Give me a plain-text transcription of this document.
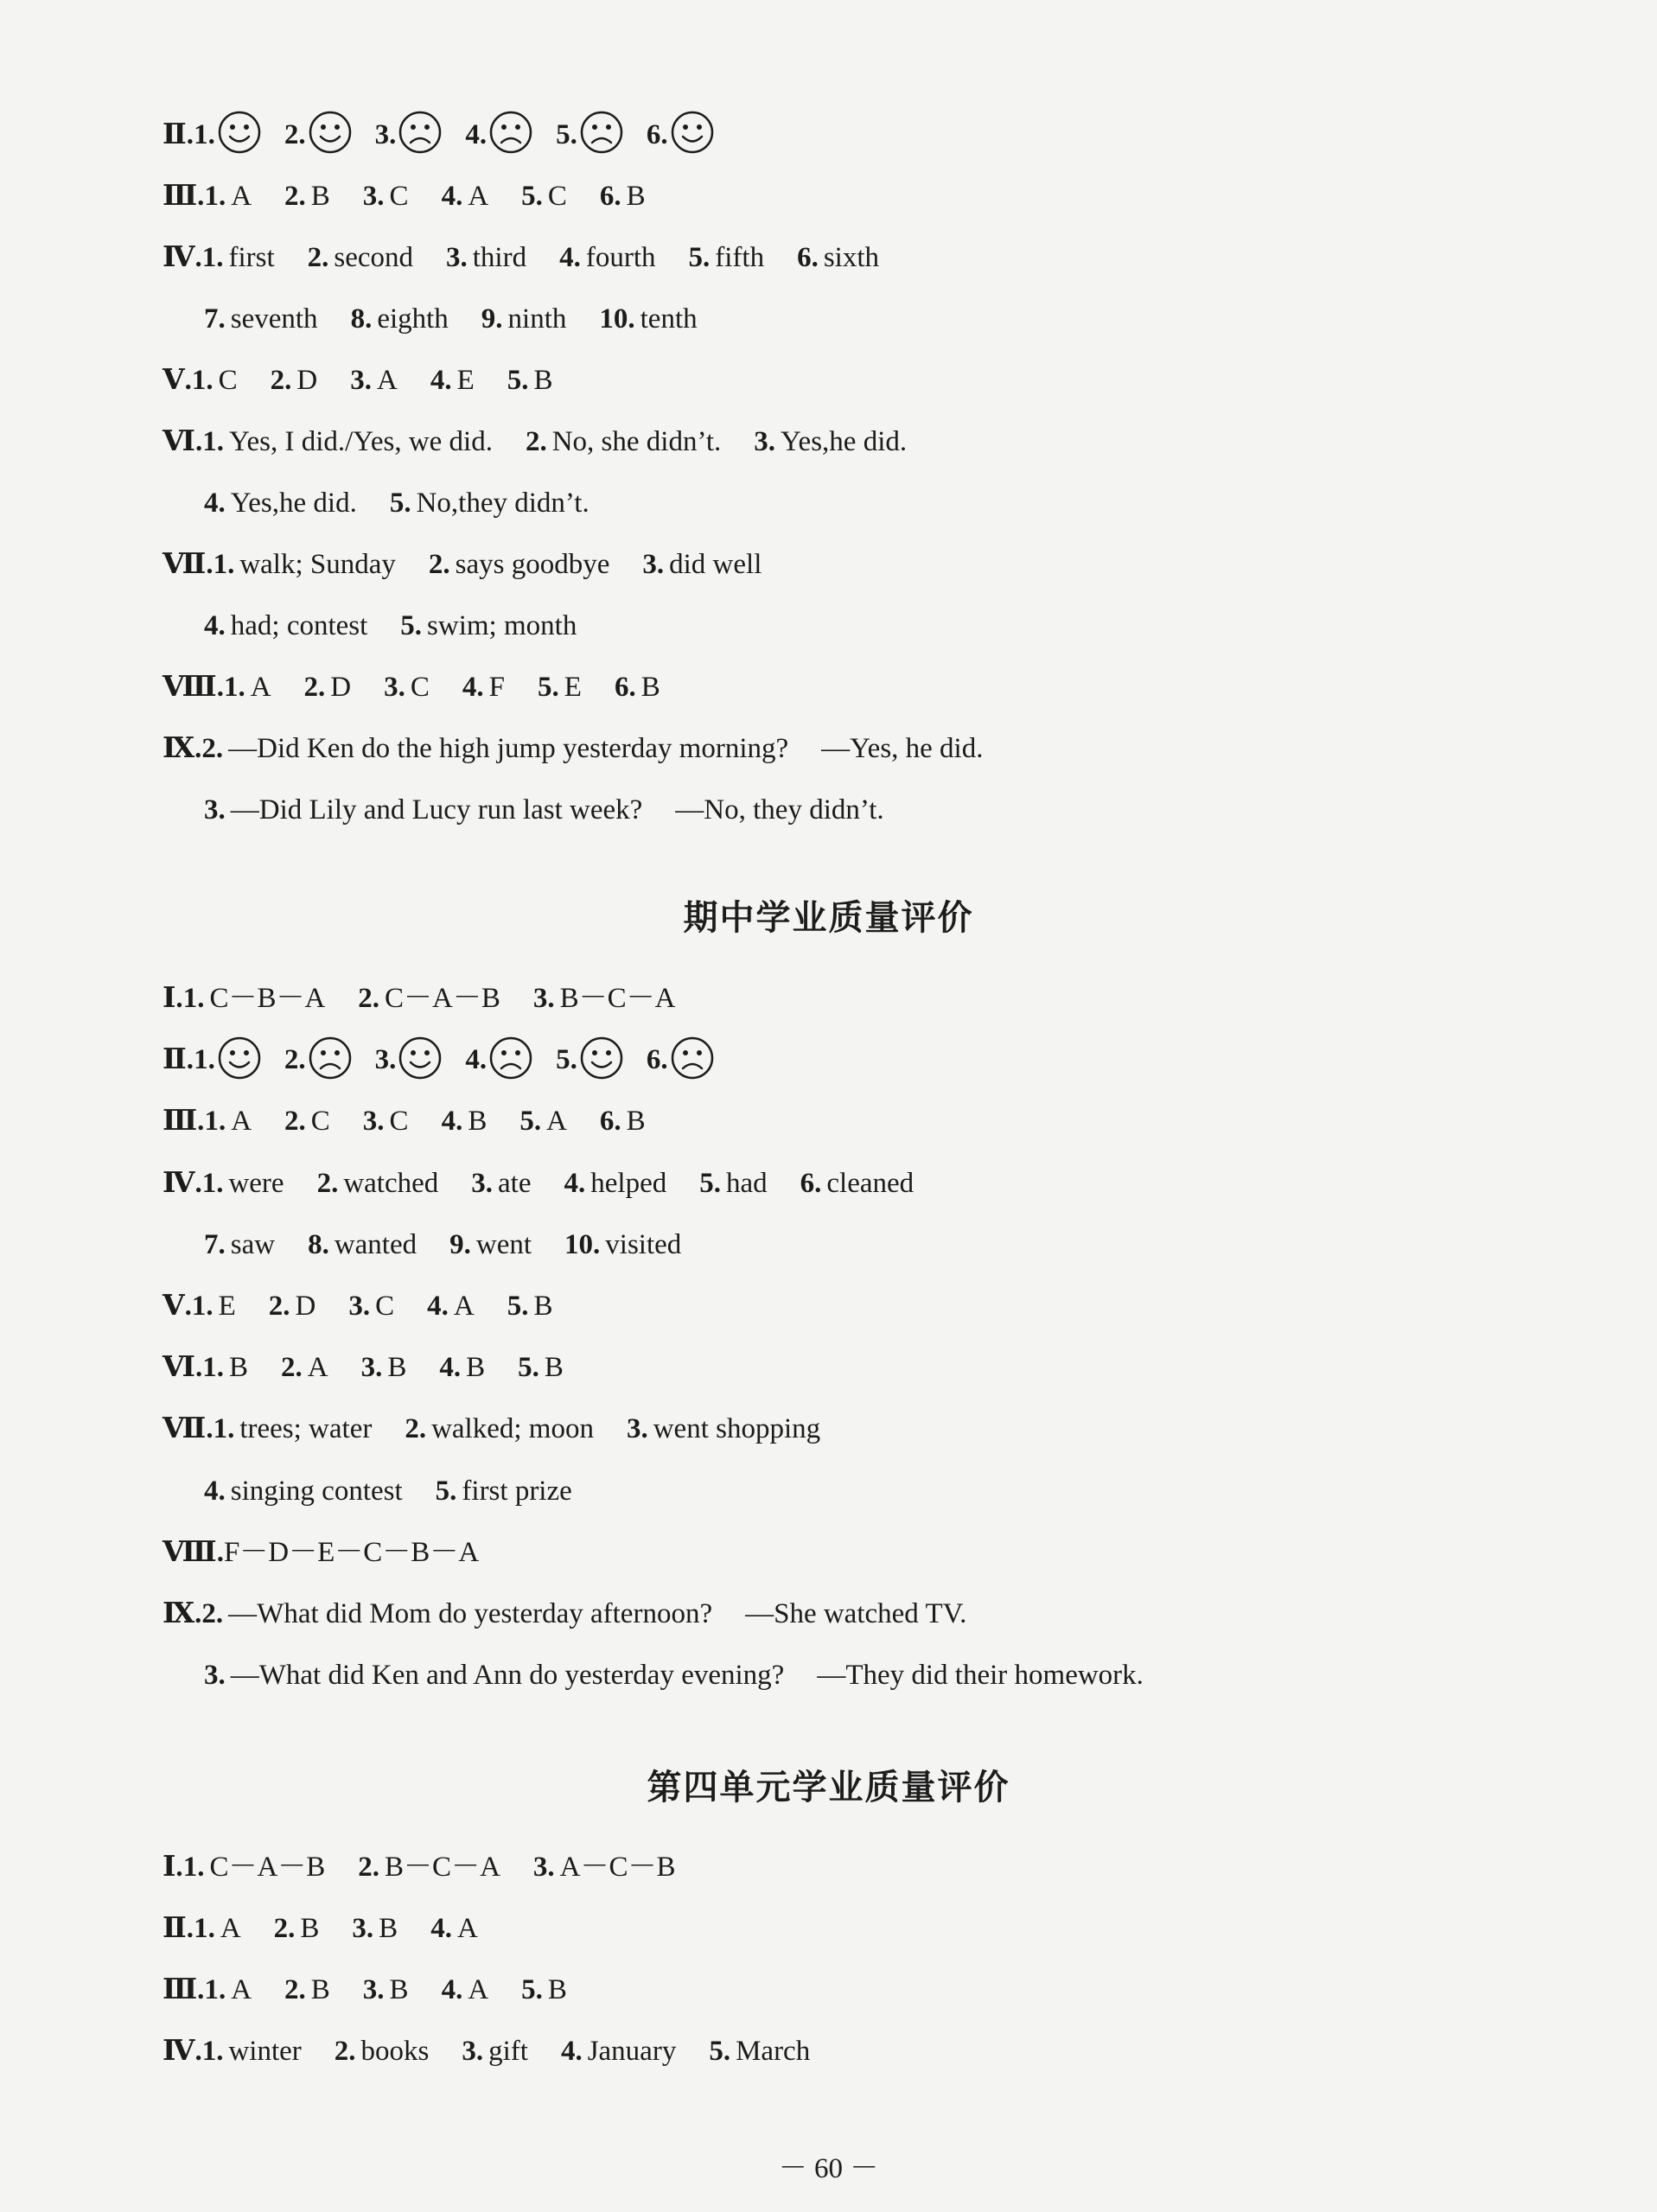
Ⅱ.1. 2. 3. 4. 5. 6.
Ⅲ.1. A 2. B 3. C 4. A 5. C 6. B
Ⅳ.1. first 2. second 3. third 4. fourth 5. fifth 6. sixth
7. seventh 8. eighth 9. ninth 10. tenth
Ⅴ.1. C 2. D 3. A 4. E 5. B
Ⅵ.1. Yes, I did./Yes, we did. 2. No, she didn’t. 3. Yes,he did.
4. Yes,he did. 5. No,they didn’t.
Ⅶ.1. walk; Sunday 2. says goodbye 3. did well
4. had; contest 5. swim; month
Ⅷ.1. A 2. D 3. C 4. F 5. E 6. B
Ⅸ.2. —Did Ken do the high jump yesterday morning? —Yes, he did.
3. —Did Lily and Lucy run last week? —No, they didn’t.
期中学业质量评价
Ⅰ.1. C－B－A 2. C－A－B 3. B－C－A
Ⅱ.1. 2. 3. 4. 5. 6.
Ⅲ.1. A 2. C 3. C 4. B 5. A 6. B
Ⅳ.1. were 2. watched 3. ate 4. helped 5. had 6. cleaned
7. saw 8. wanted 9. went 10. visited
Ⅴ.1. E 2. D 3. C 4. A 5. B
Ⅵ.1. B 2. A 3. B 4. B 5. B
Ⅶ.1. trees; water 2. walked; moon 3. went shopping
4. singing contest 5. first prize
Ⅷ.F－D－E－C－B－A
Ⅸ.2. —What did Mom do yesterday afternoon? —She watched TV.
3. —What did Ken and Ann do yesterday evening? —They did their homework.
第四单元学业质量评价
Ⅰ.1. C－A－B 2. B－C－A 3. A－C－B
Ⅱ.1. A 2. B 3. B 4. A
Ⅲ.1. A 2. B 3. B 4. A 5. B
Ⅳ.1. winter 2. books 3. gift 4. January 5. March
－ 60 －
